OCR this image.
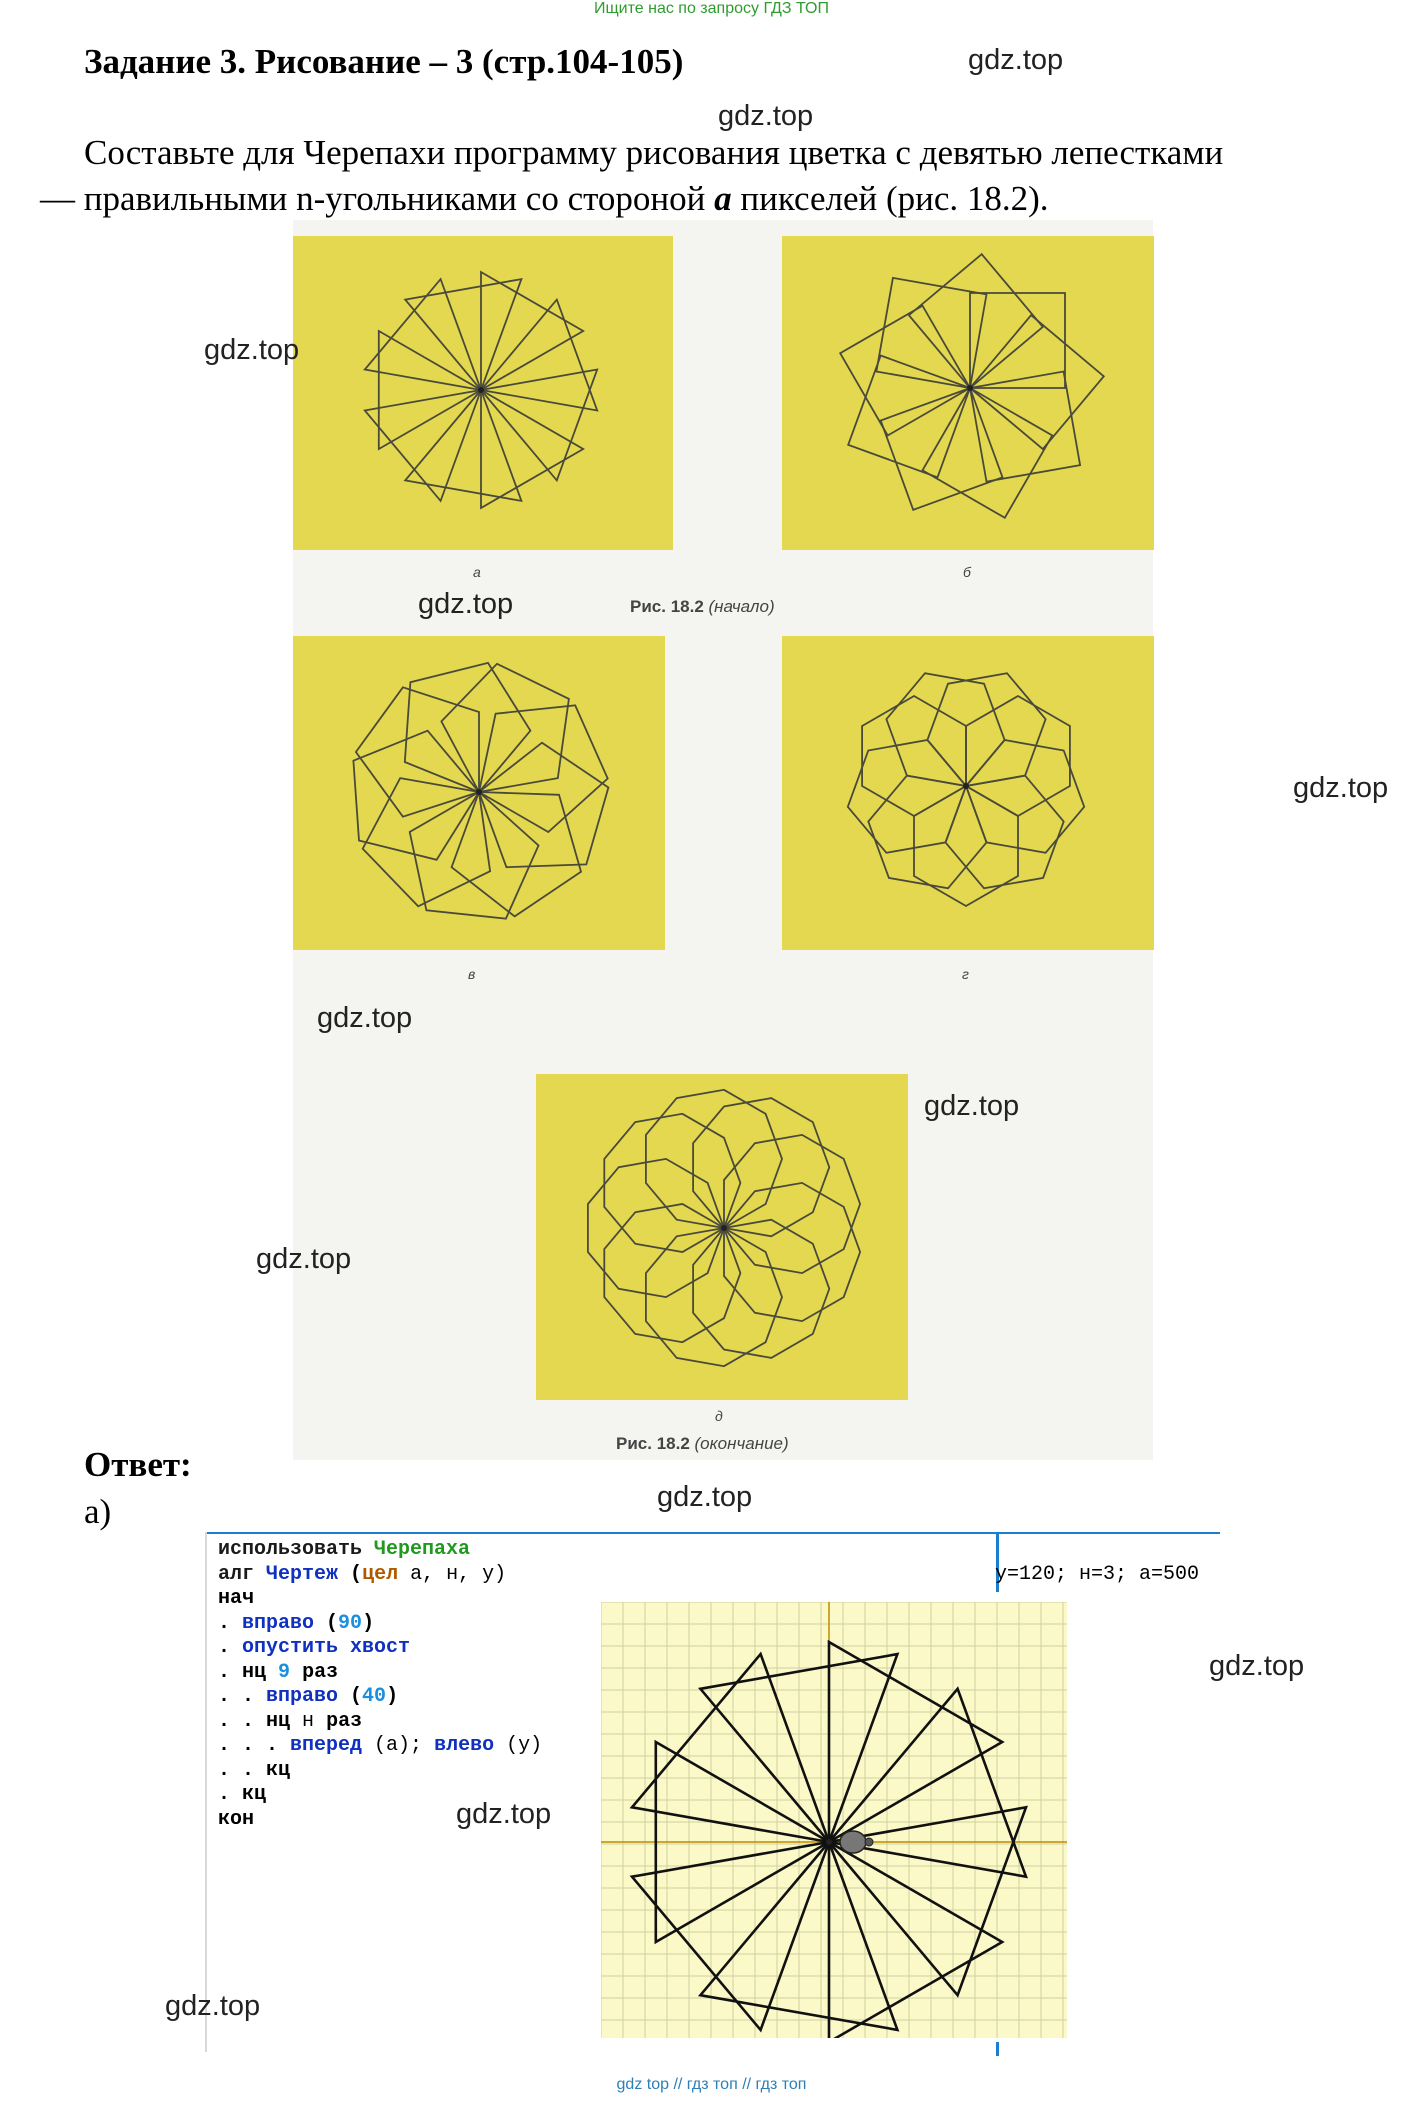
Ищите нас по запросу ГДЗ ТОП
Задание 3. Рисование – 3 (стр.104-105)	gdz.top
gdz.top
Составьте для Черепахи программу рисования цветка с девятью лепестками
— правильными n-угольниками со стороной a пикселей (рис. 18.2).
а	б
Рис. 18.2 (начало)
в	г
д
Рис. 18.2 (окончание)
gdz.top
gdz.top
gdz.top
gdz.top
gdz.top
gdz.top
Ответ:
gdz.top
а)
использовать Черепаха
алг Чертеж (цел а, н, у)
нач
. вправо (90)
. опустить хвост
. нц 9 раз
. . вправо (40)
. . нц н раз
. . . вперед (а); влево (у)
. . кц
. кц
кон
у=120; н=3; а=500
gdz.top
gdz.top
gdz.top
gdz top // гдз топ // гдз топ
